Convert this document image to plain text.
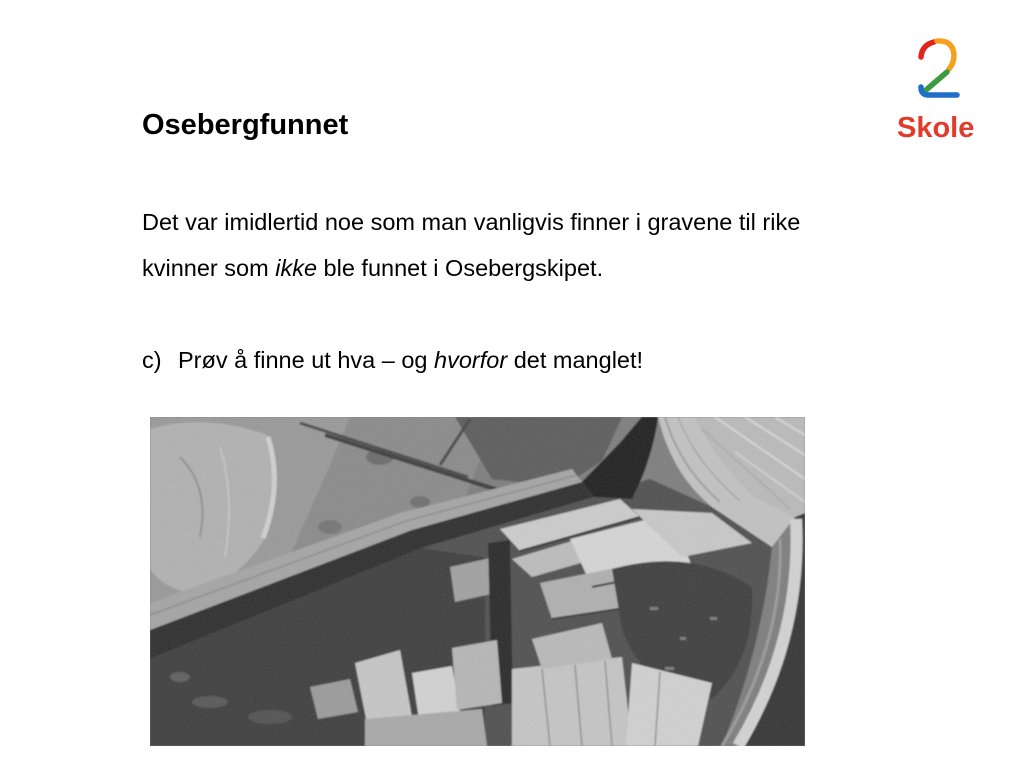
Osebergfunnet	Skole

Det var imidlertid noe som man vanligvis finner i gravene til rike

kvinner som ikke ble funnet i Osebergskipet.

c) Prøv å finne ut hva – og hvorfor det manglet!
